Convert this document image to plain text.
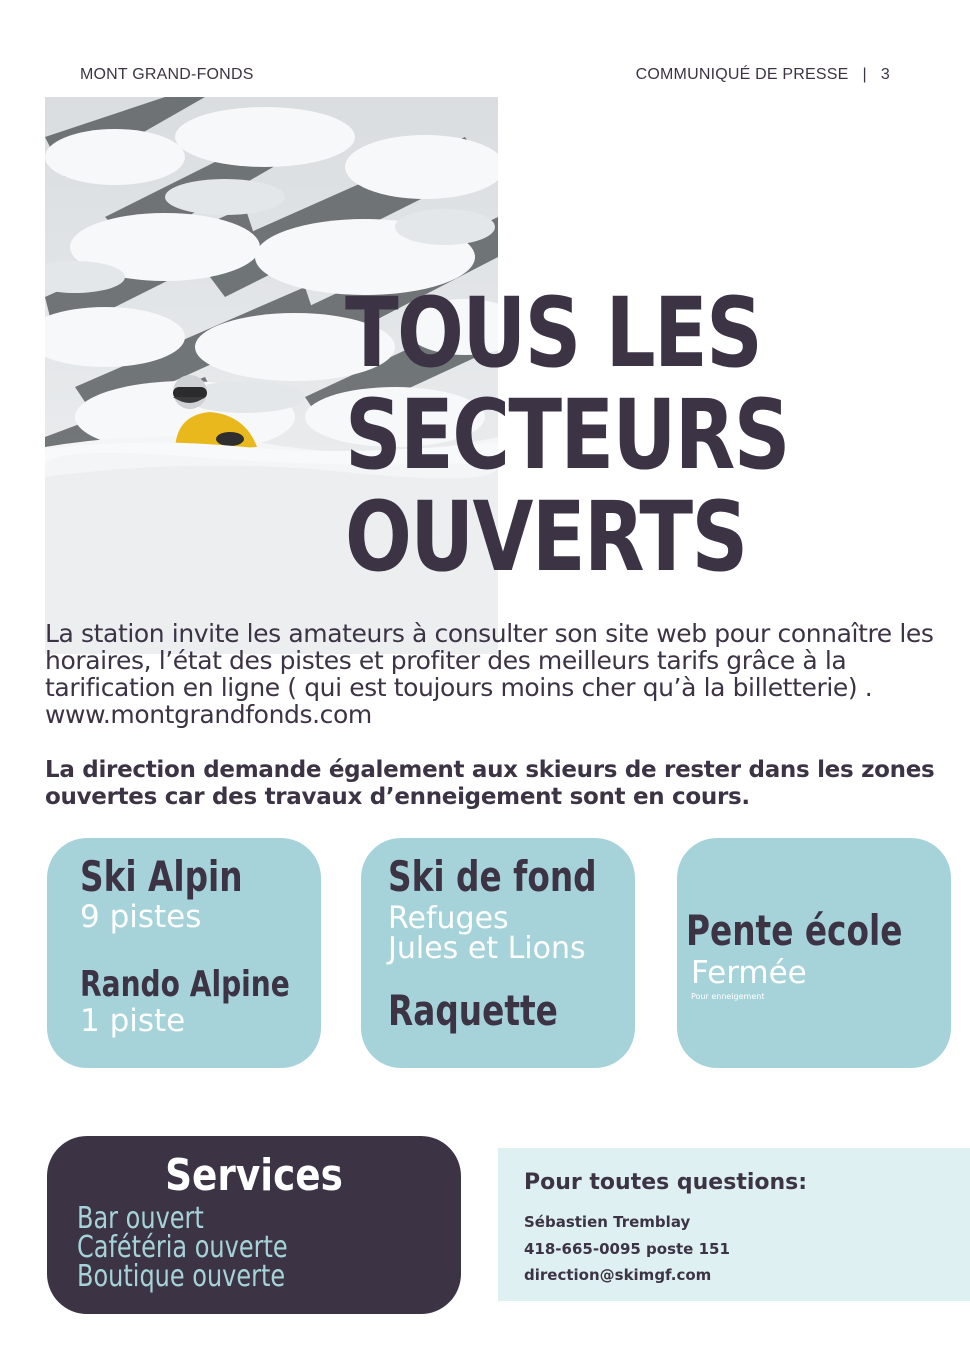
MONT GRAND-FONDS	COMMUNIQUÉ DE PRESSE | 3
TOUS LES
SECTEURS
OUVERTS
La station invite les amateurs à consulter son site web pour connaître les horaires, l’état des pistes et profiter des meilleurs tarifs grâce à la tarification en ligne ( qui est toujours moins cher qu’à la billetterie) . www.montgrandfonds.com
La direction demande également aux skieurs de rester dans les zones ouvertes car des travaux d’enneigement sont en cours.
Ski Alpin
9 pistes
Rando Alpine
1 piste
Ski de fond
Refuges
Jules et Lions
Raquette
Pente école
Fermée
Pour enneigement
Services
Bar ouvert
Cafétéria ouverte
Boutique ouverte
Pour toutes questions:
Sébastien Tremblay
418-665-0095 poste 151
direction@skimgf.com
